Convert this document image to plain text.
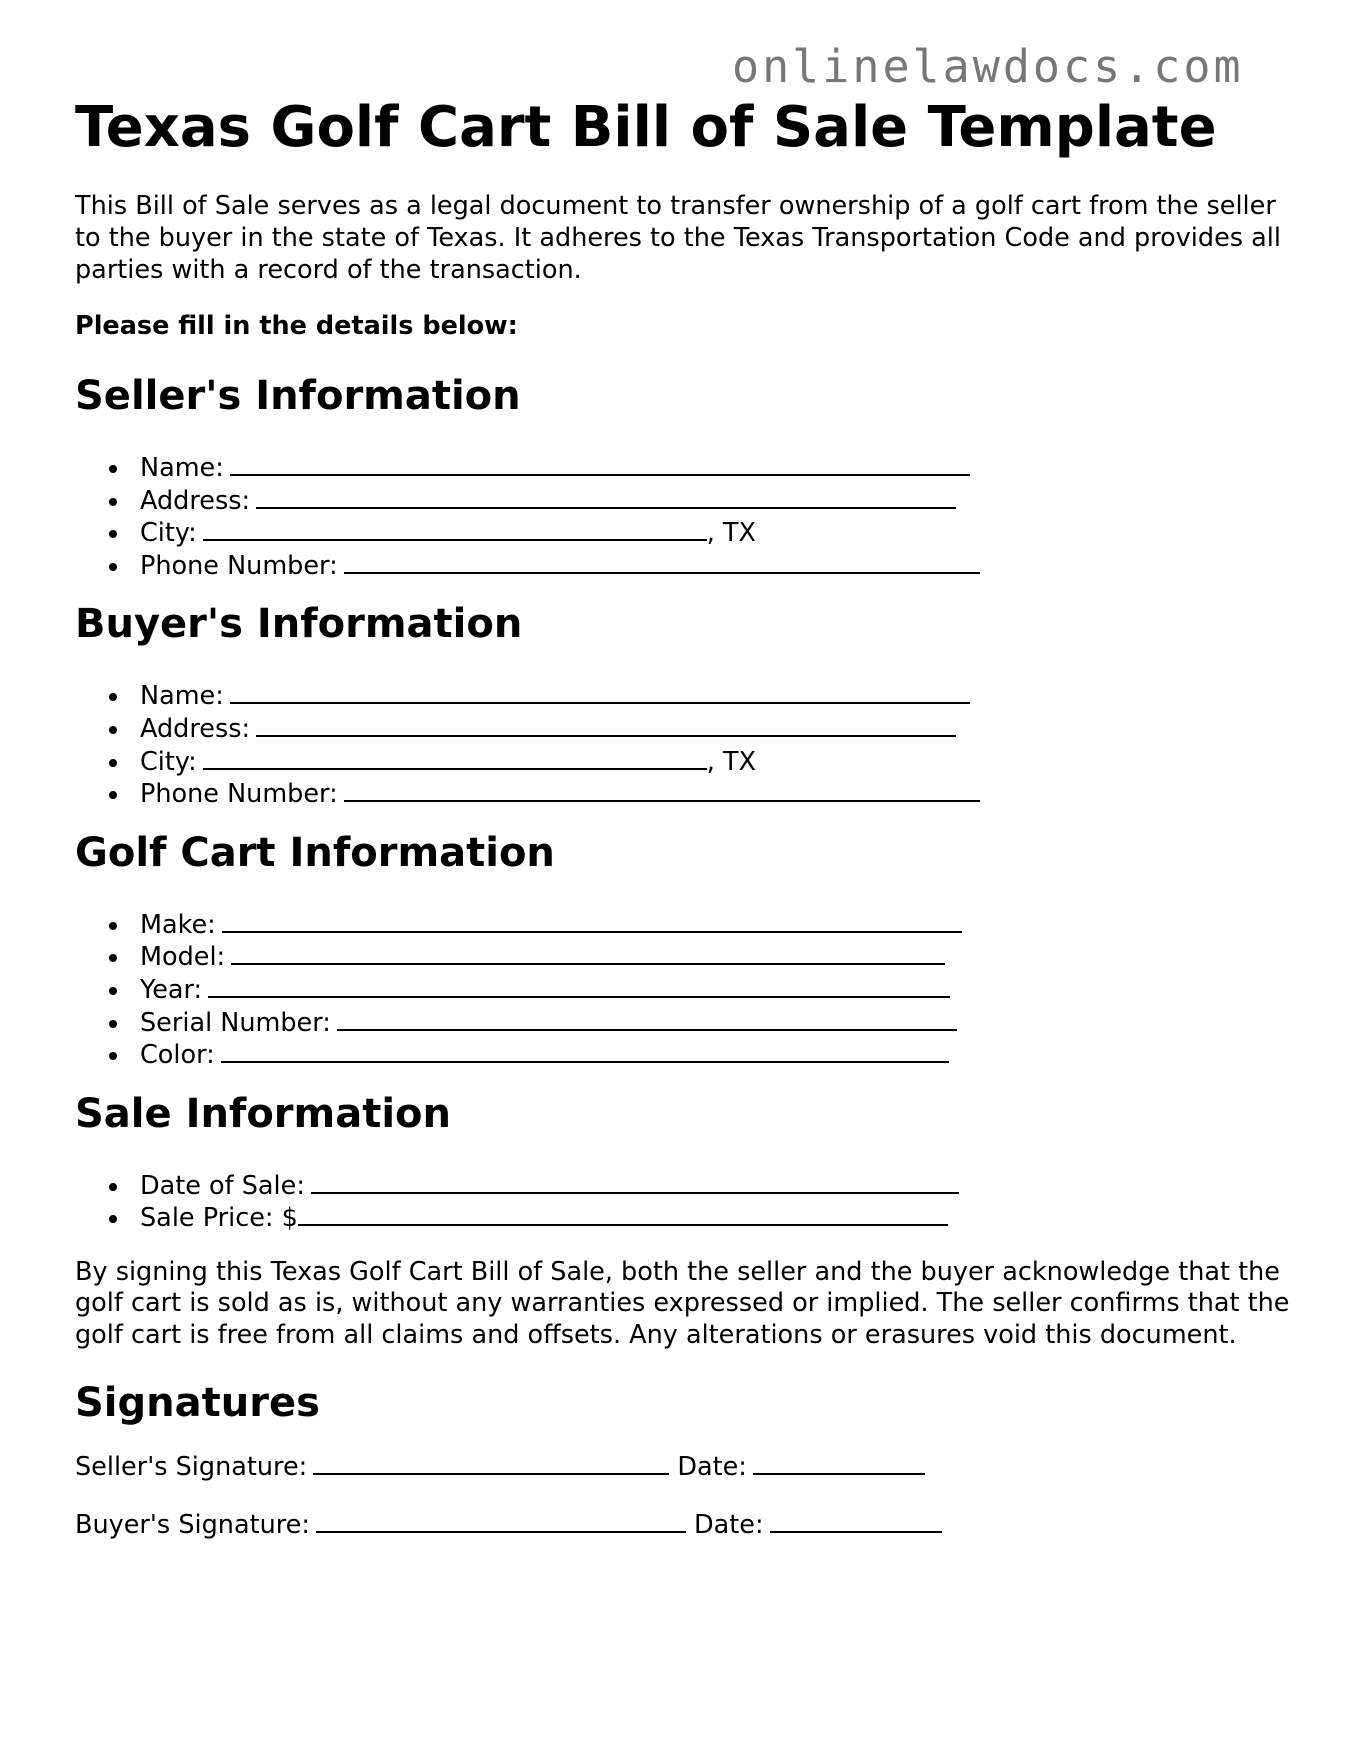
onlinelawdocs.com
Texas Golf Cart Bill of Sale Template

This Bill of Sale serves as a legal document to transfer ownership of a golf cart from the seller to the buyer in the state of Texas. It adheres to the Texas Transportation Code and provides all parties with a record of the transaction.

Please fill in the details below:

Seller's Information
Name:
Address:
City:	, TX
Phone Number:
Buyer's Information
Name:
Address:
City:	, TX
Phone Number:
Golf Cart Information
Make:
Model:
Year:
Serial Number:
Color:
Sale Information
Date of Sale:
Sale Price: $

By signing this Texas Golf Cart Bill of Sale, both the seller and the buyer acknowledge that the golf cart is sold as is, without any warranties expressed or implied. The seller confirms that the golf cart is free from all claims and offsets. Any alterations or erasures void this document.

Signatures

Seller's Signature:	Date:

Buyer's Signature:	Date:
